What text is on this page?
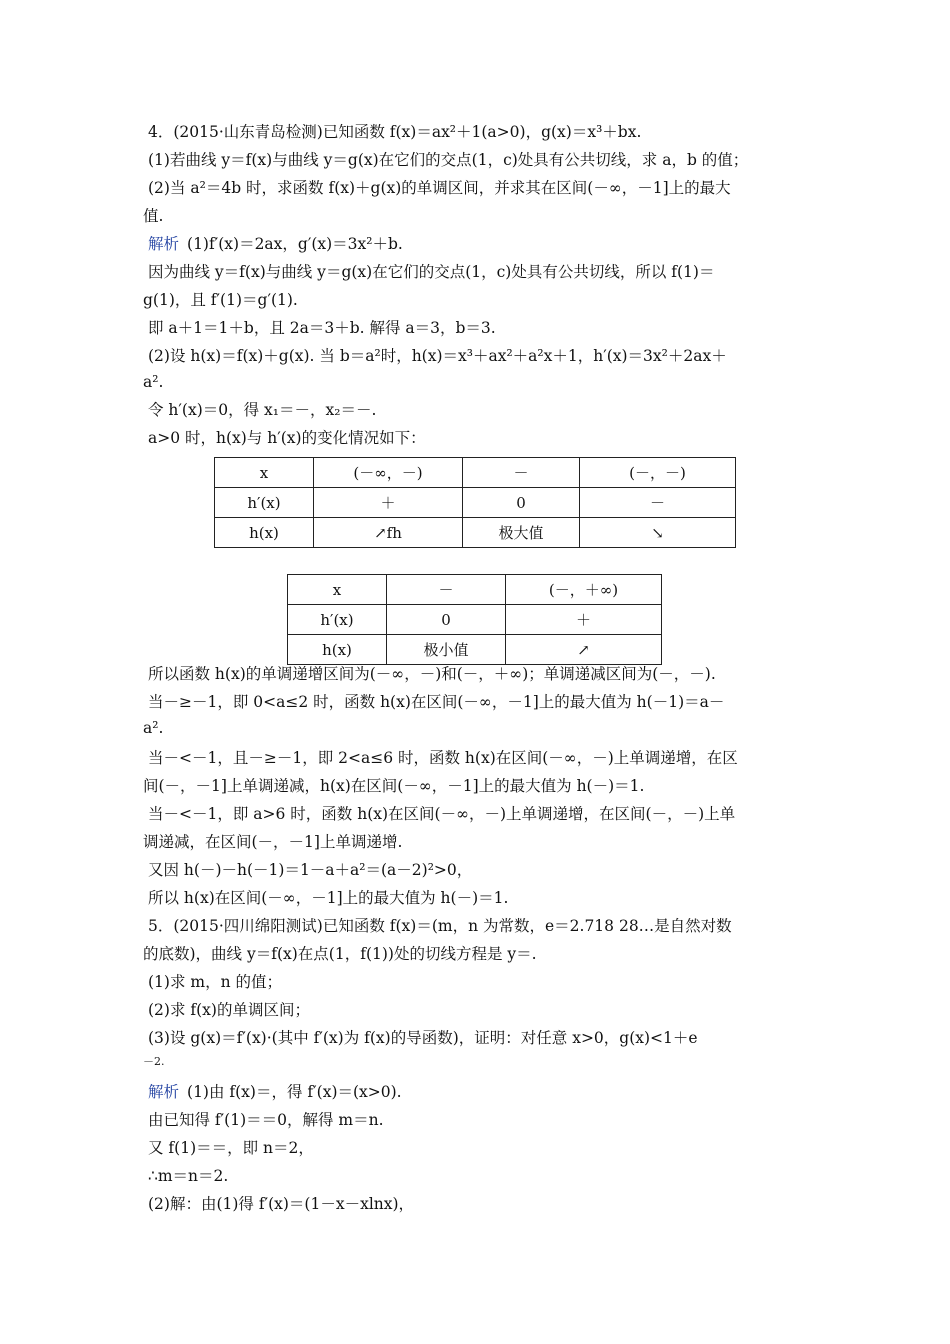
4．(2015·山东青岛检测)已知函数 f(x)＝ax²＋1(a>0)，g(x)＝x³＋bx.
(1)若曲线 y＝f(x)与曲线 y＝g(x)在它们的交点(1，c)处具有公共切线，求 a，b 的值；
(2)当 a²＝4b 时，求函数 f(x)＋g(x)的单调区间，并求其在区间(－∞，－1]上的最大
值.
解析 (1)f′(x)＝2ax，g′(x)＝3x²＋b.
因为曲线 y＝f(x)与曲线 y＝g(x)在它们的交点(1，c)处具有公共切线，所以 f(1)＝
g(1)，且 f′(1)＝g′(1).
即 a＋1＝1＋b，且 2a＝3＋b. 解得 a＝3，b＝3.
(2)设 h(x)＝f(x)＋g(x). 当 b＝a²时，h(x)＝x³＋ax²＋a²x＋1，h′(x)＝3x²＋2ax＋
a².
令 h′(x)＝0，得 x₁＝－，x₂＝－.
a>0 时，h(x)与 h′(x)的变化情况如下：
x	(－∞，－)	－	(－，－)
h′(x)	＋	0	－
h(x)	↗fh	极大值	↘
x	－	(－，＋∞)
h′(x)	0	＋
h(x)	极小值	↗
所以函数 h(x)的单调递增区间为(－∞，－)和(－，＋∞)；单调递减区间为(－，－).
当－≥－1，即 0<a≤2 时，函数 h(x)在区间(－∞，－1]上的最大值为 h(－1)＝a－
a².
当－<－1，且－≥－1，即 2<a≤6 时，函数 h(x)在区间(－∞，－)上单调递增，在区
间(－，－1]上单调递减，h(x)在区间(－∞，－1]上的最大值为 h(－)＝1.
当－<－1，即 a>6 时，函数 h(x)在区间(－∞，－)上单调递增，在区间(－，－)上单
调递减，在区间(－，－1]上单调递增.
又因 h(－)－h(－1)＝1－a＋a²＝(a－2)²>0，
所以 h(x)在区间(－∞，－1]上的最大值为 h(－)＝1.
5．(2015·四川绵阳测试)已知函数 f(x)＝(m，n 为常数，e＝2.718 28…是自然对数
的底数)，曲线 y＝f(x)在点(1，f(1))处的切线方程是 y＝.
(1)求 m，n 的值；
(2)求 f(x)的单调区间；
(3)设 g(x)＝f′(x)·(其中 f′(x)为 f(x)的导函数)，证明：对任意 x>0，g(x)<1＋e
－2.
解析 (1)由 f(x)＝，得 f′(x)＝(x>0).
由已知得 f′(1)＝＝0，解得 m＝n.
又 f(1)＝＝，即 n＝2，
∴m＝n＝2.
(2)解：由(1)得 f′(x)＝(1－x－xlnx)，
